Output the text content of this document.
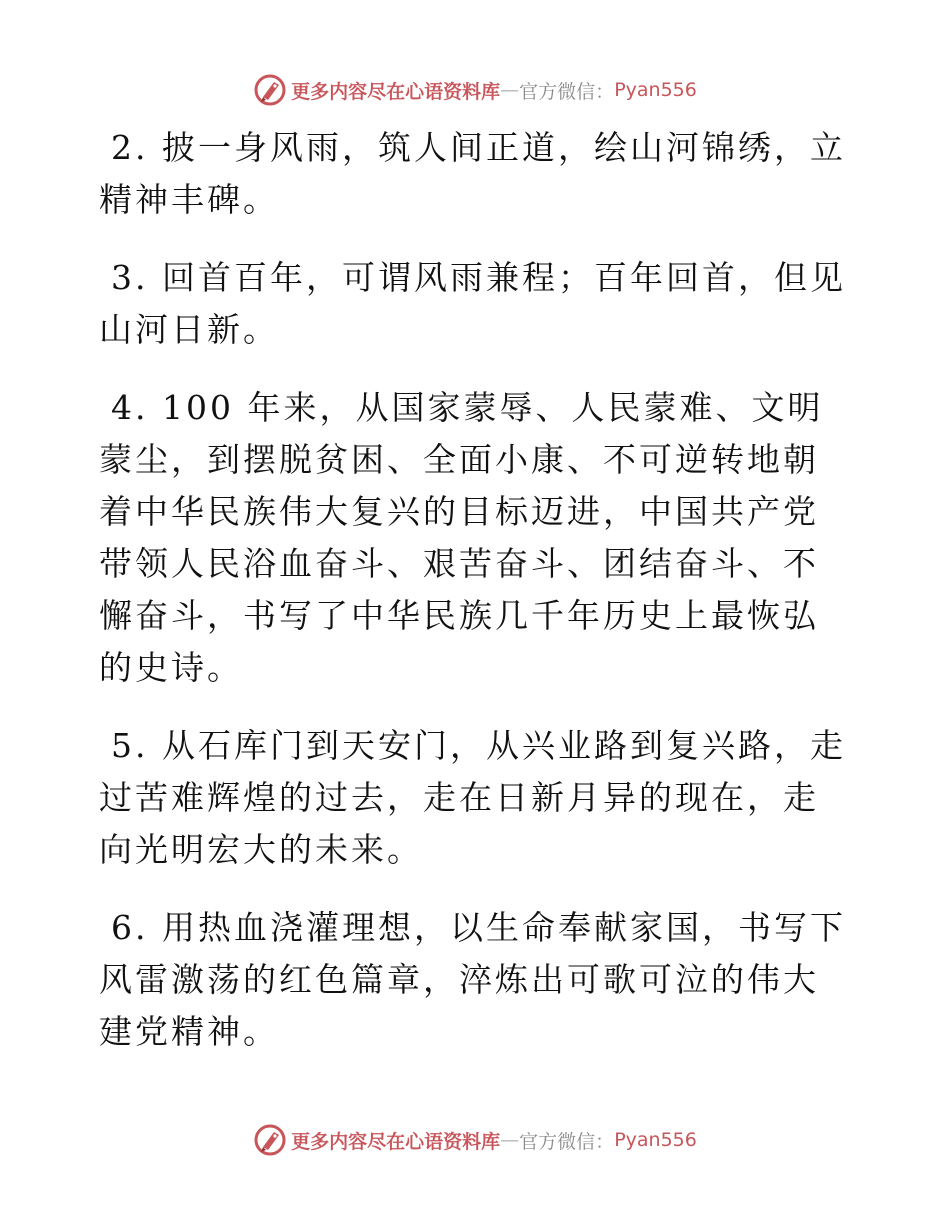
更多内容尽在心语资料库 — 官方微信： Pyan556

2. 披一身风雨，筑人间正道，绘山河锦绣，立精神丰碑。

3. 回首百年，可谓风雨兼程；百年回首，但见山河日新。

4. 100 年来，从国家蒙辱、人民蒙难、文明蒙尘，到摆脱贫困、全面小康、不可逆转地朝着中华民族伟大复兴的目标迈进，中国共产党带领人民浴血奋斗、艰苦奋斗、团结奋斗、不懈奋斗，书写了中华民族几千年历史上最恢弘的史诗。

5. 从石库门到天安门，从兴业路到复兴路，走过苦难辉煌的过去，走在日新月异的现在，走向光明宏大的未来。

6. 用热血浇灌理想，以生命奉献家国，书写下风雷激荡的红色篇章，淬炼出可歌可泣的伟大建党精神。

更多内容尽在心语资料库 — 官方微信： Pyan556
